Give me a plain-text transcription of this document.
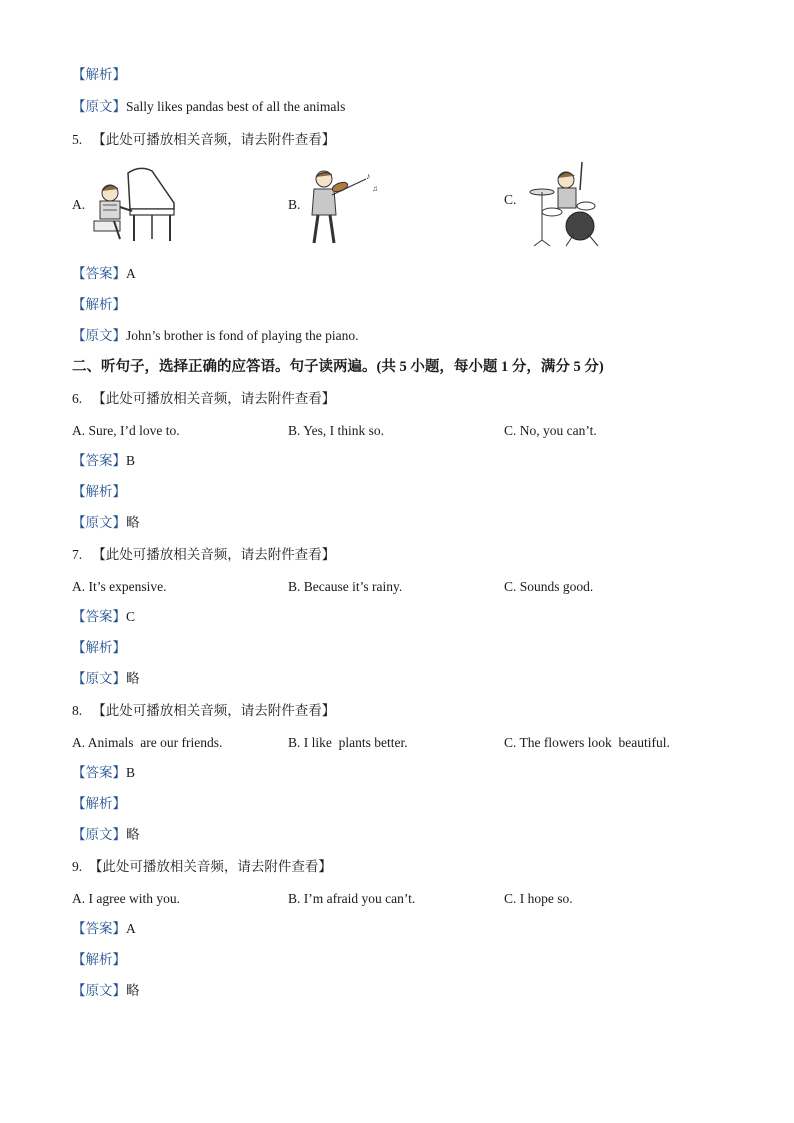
【解析】
【原文】Sally likes pandas best of all the animals
5. 【此处可播放相关音频，请去附件查看】
A.	B.
♪
♫
C.
【答案】A
【解析】
【原文】John’s brother is fond of playing the piano.
二、听句子，选择正确的应答语。句子读两遍。(共 5 小题，每小题 1 分，满分 5 分)
6. 【此处可播放相关音频，请去附件查看】
A. Sure, I’d love to.	B. Yes, I think so.	C. No, you can’t.
【答案】B
【解析】
【原文】略
7. 【此处可播放相关音频，请去附件查看】
A. It’s expensive.	B. Because it’s rainy.	C. Sounds good.
【答案】C
【解析】
【原文】略
8. 【此处可播放相关音频，请去附件查看】
A. Animals  are our friends.	B. I like  plants better.	C. The flowers look  beautiful.
【答案】B
【解析】
【原文】略
9. 【此处可播放相关音频，请去附件查看】
A. I agree with you.	B. I’m afraid you can’t.	C. I hope so.
【答案】A
【解析】
【原文】略
